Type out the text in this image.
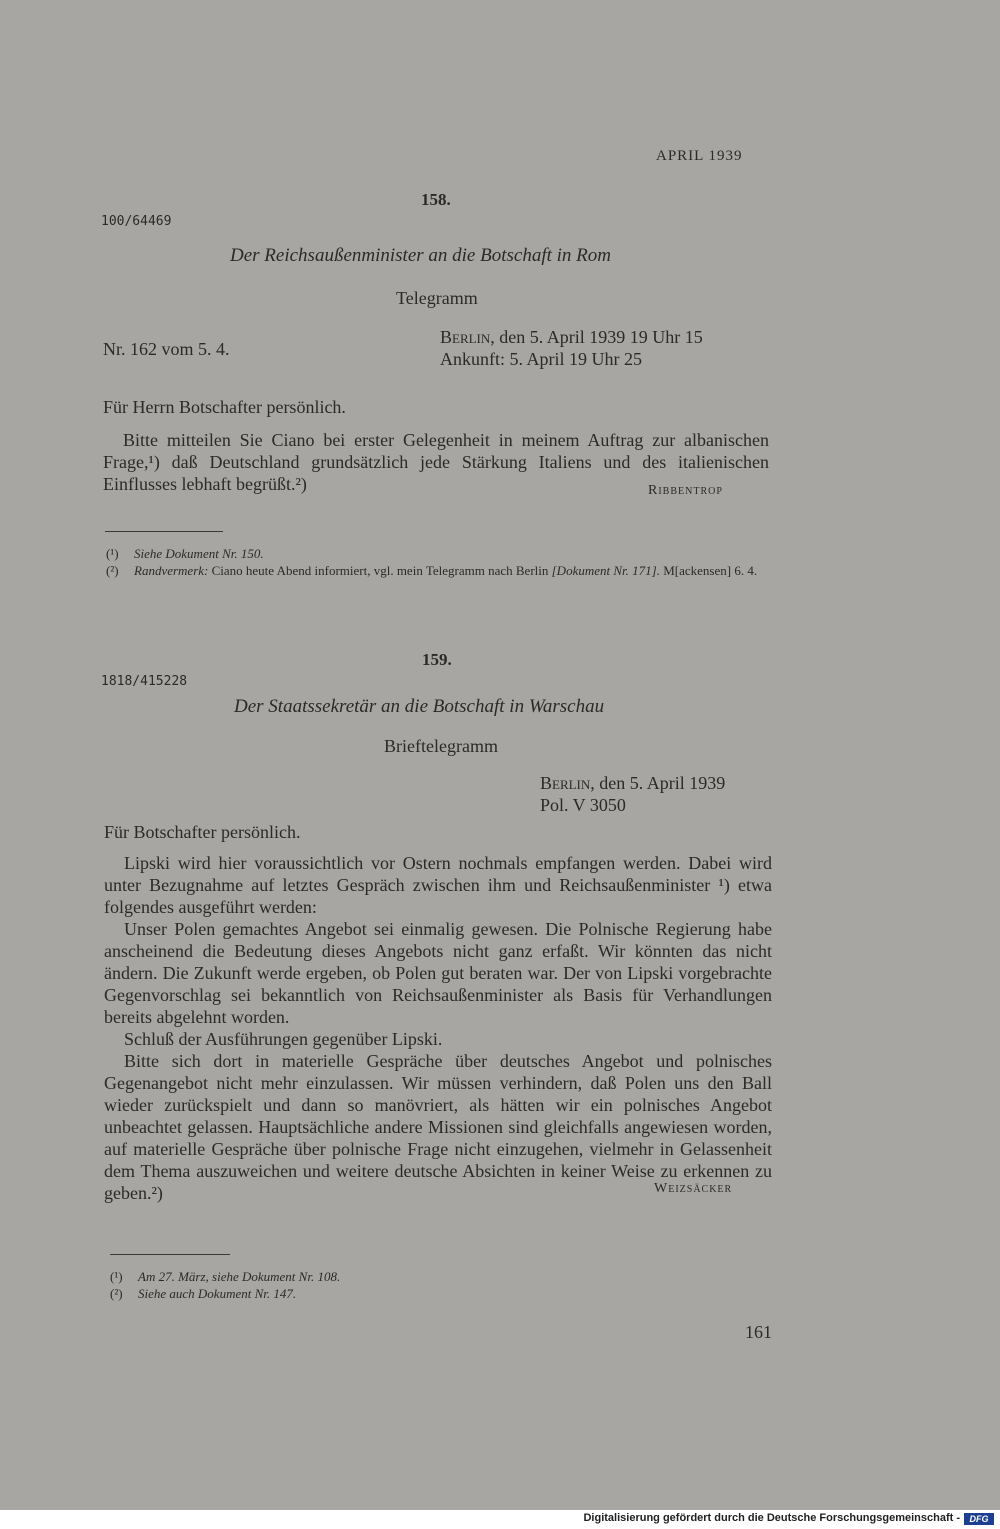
APRIL 1939
158.
100/64469
Der Reichsaußenminister an die Botschaft in Rom
Telegramm
Nr. 162 vom 5. 4.
Berlin, den 5. April 1939 19 Uhr 15
Ankunft: 5. April 19 Uhr 25
Für Herrn Botschafter persönlich.

Bitte mitteilen Sie Ciano bei erster Gelegenheit in meinem Auftrag zur albanischen Frage,¹) daß Deutschland grundsätzlich jede Stärkung Italiens und des italienischen Einflusses lebhaft begrüßt.²)	Ribbentrop
(¹) Siehe Dokument Nr. 150.
(²) Randvermerk: Ciano heute Abend informiert, vgl. mein Telegramm nach Berlin [Dokument Nr. 171]. M[ackensen] 6. 4.
159.
1818/415228
Der Staatssekretär an die Botschaft in Warschau
Brieftelegramm
Berlin, den 5. April 1939
Pol. V 3050
Für Botschafter persönlich.

Lipski wird hier voraussichtlich vor Ostern nochmals empfangen werden. Dabei wird unter Bezugnahme auf letztes Gespräch zwischen ihm und Reichsaußenminister ¹) etwa folgendes ausgeführt werden:

Unser Polen gemachtes Angebot sei einmalig gewesen. Die Polnische Regierung habe anscheinend die Bedeutung dieses Angebots nicht ganz erfaßt. Wir könnten das nicht ändern. Die Zukunft werde ergeben, ob Polen gut beraten war. Der von Lipski vorgebrachte Gegenvorschlag sei bekanntlich von Reichsaußenminister als Basis für Verhandlungen bereits abgelehnt worden.

Schluß der Ausführungen gegenüber Lipski.

Bitte sich dort in materielle Gespräche über deutsches Angebot und polnisches Gegenangebot nicht mehr einzulassen. Wir müssen verhindern, daß Polen uns den Ball wieder zurückspielt und dann so manövriert, als hätten wir ein polnisches Angebot unbeachtet gelassen. Hauptsächliche andere Missionen sind gleichfalls angewiesen worden, auf materielle Gespräche über polnische Frage nicht einzugehen, vielmehr in Gelassenheit dem Thema auszuweichen und weitere deutsche Absichten in keiner Weise zu erkennen zu geben.²)	Weizsäcker
(¹) Am 27. März, siehe Dokument Nr. 108.
(²) Siehe auch Dokument Nr. 147.
161
Digitalisierung gefördert durch die Deutsche Forschungsgemeinschaft -	DFG
